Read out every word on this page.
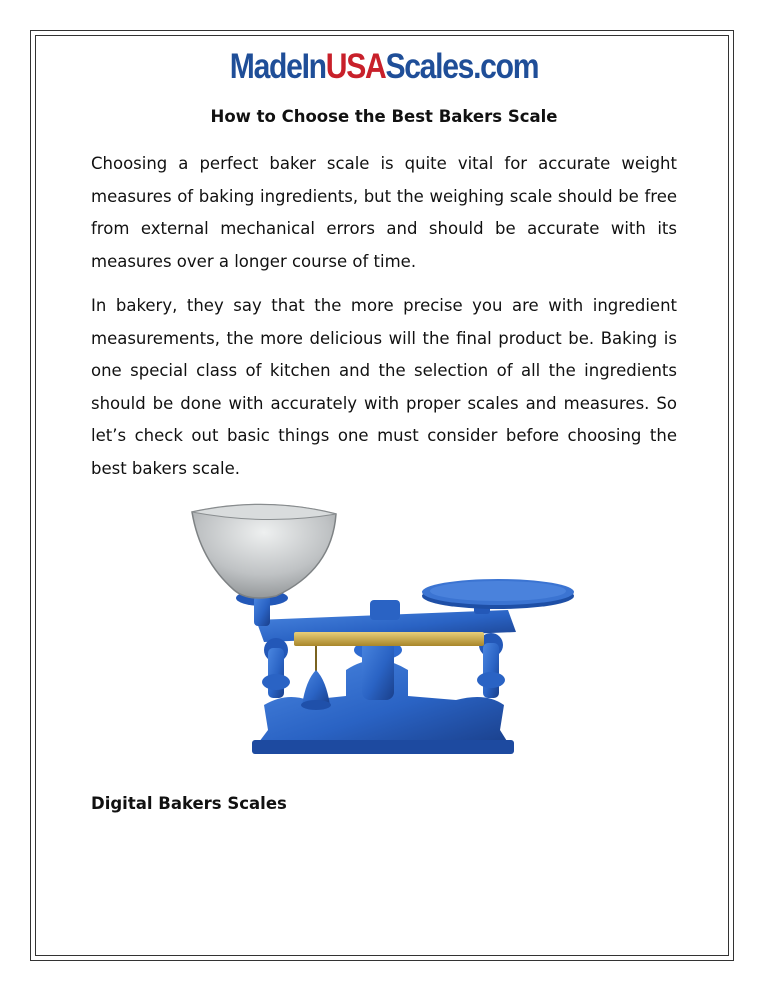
MadeInUSAScales.com
How to Choose the Best Bakers Scale

Choosing a perfect baker scale is quite vital for accurate weight measures of baking ingredients, but the weighing scale should be free from external mechanical errors and should be accurate with its measures over a longer course of time.

In bakery, they say that the more precise you are with ingredient measurements, the more delicious will the final product be. Baking is one special class of kitchen and the selection of all the ingredients should be done with accurately with proper scales and measures. So let’s check out basic things one must consider before choosing the best bakers scale.

Digital Bakers Scales
